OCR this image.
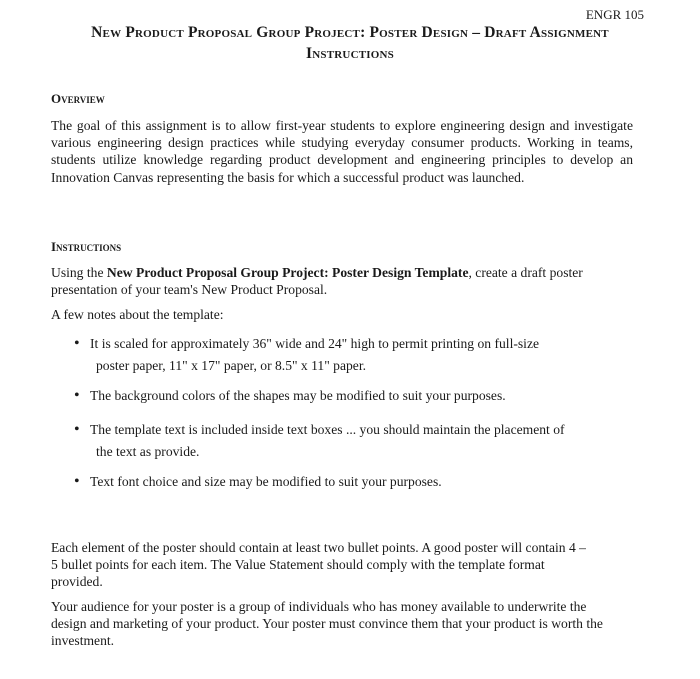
ENGR 105
New Product Proposal Group Project: Poster Design – Draft Assignment
Instructions
Overview

The goal of this assignment is to allow first-year students to explore engineering design and investigate various engineering design practices while studying everyday consumer products. Working in teams, students utilize knowledge regarding product development and engineering principles to develop an Innovation Canvas representing the basis for which a successful product was launched.

Instructions

Using the New Product Proposal Group Project: Poster Design Template, create a draft poster presentation of your team's New Product Proposal.

A few notes about the template:

• It is scaled for approximately 36" wide and 24" high to permit printing on full-size
poster paper, 11" x 17" paper, or 8.5" x 11" paper.
• The background colors of the shapes may be modified to suit your purposes.
• The template text is included inside text boxes ... you should maintain the placement of
the text as provide.
• Text font choice and size may be modified to suit your purposes.

Each element of the poster should contain at least two bullet points. A good poster will contain 4 – 5 bullet points for each item. The Value Statement should comply with the template format provided.

Your audience for your poster is a group of individuals who has money available to underwrite the design and marketing of your product. Your poster must convince them that your product is worth the investment.
